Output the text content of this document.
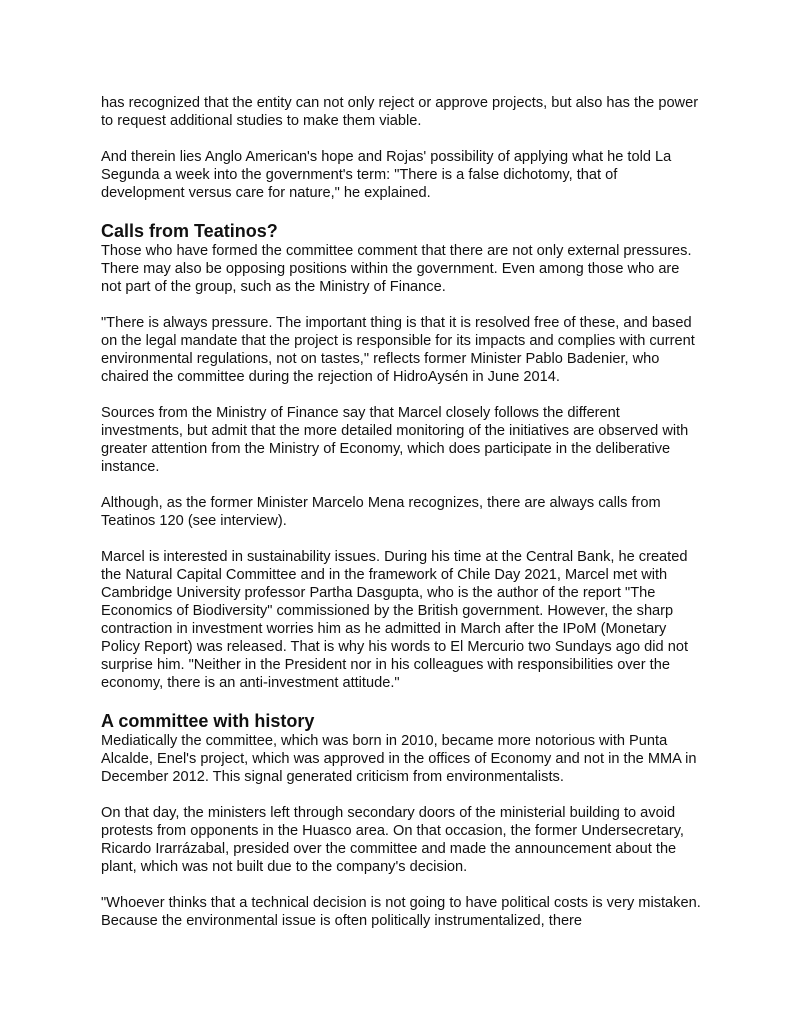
has recognized that the entity can not only reject or approve projects, but also has the power to request additional studies to make them viable.

And therein lies Anglo American's hope and Rojas' possibility of applying what he told La Segunda a week into the government's term: "There is a false dichotomy, that of development versus care for nature," he explained.

Calls from Teatinos?

Those who have formed the committee comment that there are not only external pressures. There may also be opposing positions within the government. Even among those who are not part of the group, such as the Ministry of Finance.

"There is always pressure. The important thing is that it is resolved free of these, and based on the legal mandate that the project is responsible for its impacts and complies with current environmental regulations, not on tastes," reflects former Minister Pablo Badenier, who chaired the committee during the rejection of HidroAysén in June 2014.

Sources from the Ministry of Finance say that Marcel closely follows the different investments, but admit that the more detailed monitoring of the initiatives are observed with greater attention from the Ministry of Economy, which does participate in the deliberative instance.

Although, as the former Minister Marcelo Mena recognizes, there are always calls from Teatinos 120 (see interview).

Marcel is interested in sustainability issues. During his time at the Central Bank, he created the Natural Capital Committee and in the framework of Chile Day 2021, Marcel met with Cambridge University professor Partha Dasgupta, who is the author of the report "The Economics of Biodiversity" commissioned by the British government. However, the sharp contraction in investment worries him as he admitted in March after the IPoM (Monetary Policy Report) was released. That is why his words to El Mercurio two Sundays ago did not surprise him. "Neither in the President nor in his colleagues with responsibilities over the economy, there is an anti-investment attitude."

A committee with history

Mediatically the committee, which was born in 2010, became more notorious with Punta Alcalde, Enel's project, which was approved in the offices of Economy and not in the MMA in December 2012. This signal generated criticism from environmentalists.

On that day, the ministers left through secondary doors of the ministerial building to avoid protests from opponents in the Huasco area. On that occasion, the former Undersecretary, Ricardo Irarrázabal, presided over the committee and made the announcement about the plant, which was not built due to the company's decision.

"Whoever thinks that a technical decision is not going to have political costs is very mistaken. Because the environmental issue is often politically instrumentalized, there
